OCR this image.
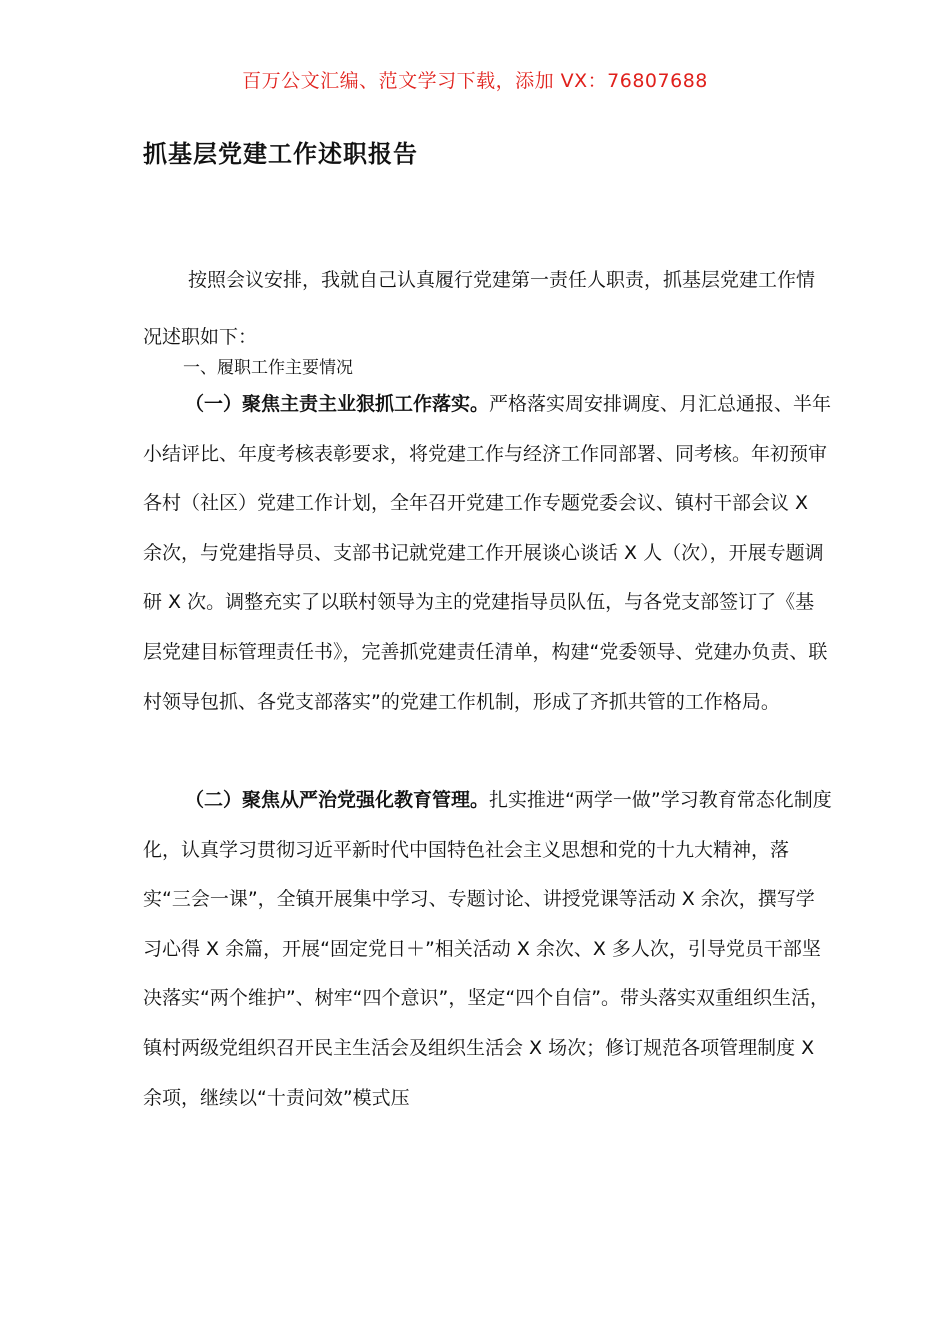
百万公文汇编、范文学习下载，添加 VX：76807688
抓基层党建工作述职报告
按照会议安排，我就自己认真履行党建第一责任人职责，抓基层党建工作情况述职如下：
一、履职工作主要情况
（一）聚焦主责主业狠抓工作落实。严格落实周安排调度、月汇总通报、半年小结评比、年度考核表彰要求，将党建工作与经济工作同部署、同考核。年初预审各村（社区）党建工作计划，全年召开党建工作专题党委会议、镇村干部会议 X 余次，与党建指导员、支部书记就党建工作开展谈心谈话 X 人（次），开展专题调研 X 次。调整充实了以联村领导为主的党建指导员队伍，与各党支部签订了《基层党建目标管理责任书》，完善抓党建责任清单，构建“党委领导、党建办负责、联村领导包抓、各党支部落实”的党建工作机制，形成了齐抓共管的工作格局。
（二）聚焦从严治党强化教育管理。扎实推进“两学一做”学习教育常态化制度化，认真学习贯彻习近平新时代中国特色社会主义思想和党的十九大精神，落实“三会一课”，全镇开展集中学习、专题讨论、讲授党课等活动 X 余次，撰写学习心得 X 余篇，开展“固定党日＋”相关活动 X 余次、X 多人次，引导党员干部坚决落实“两个维护”、树牢“四个意识”，坚定“四个自信”。带头落实双重组织生活，镇村两级党组织召开民主生活会及组织生活会 X 场次；修订规范各项管理制度 X 余项，继续以“十责问效”模式压
